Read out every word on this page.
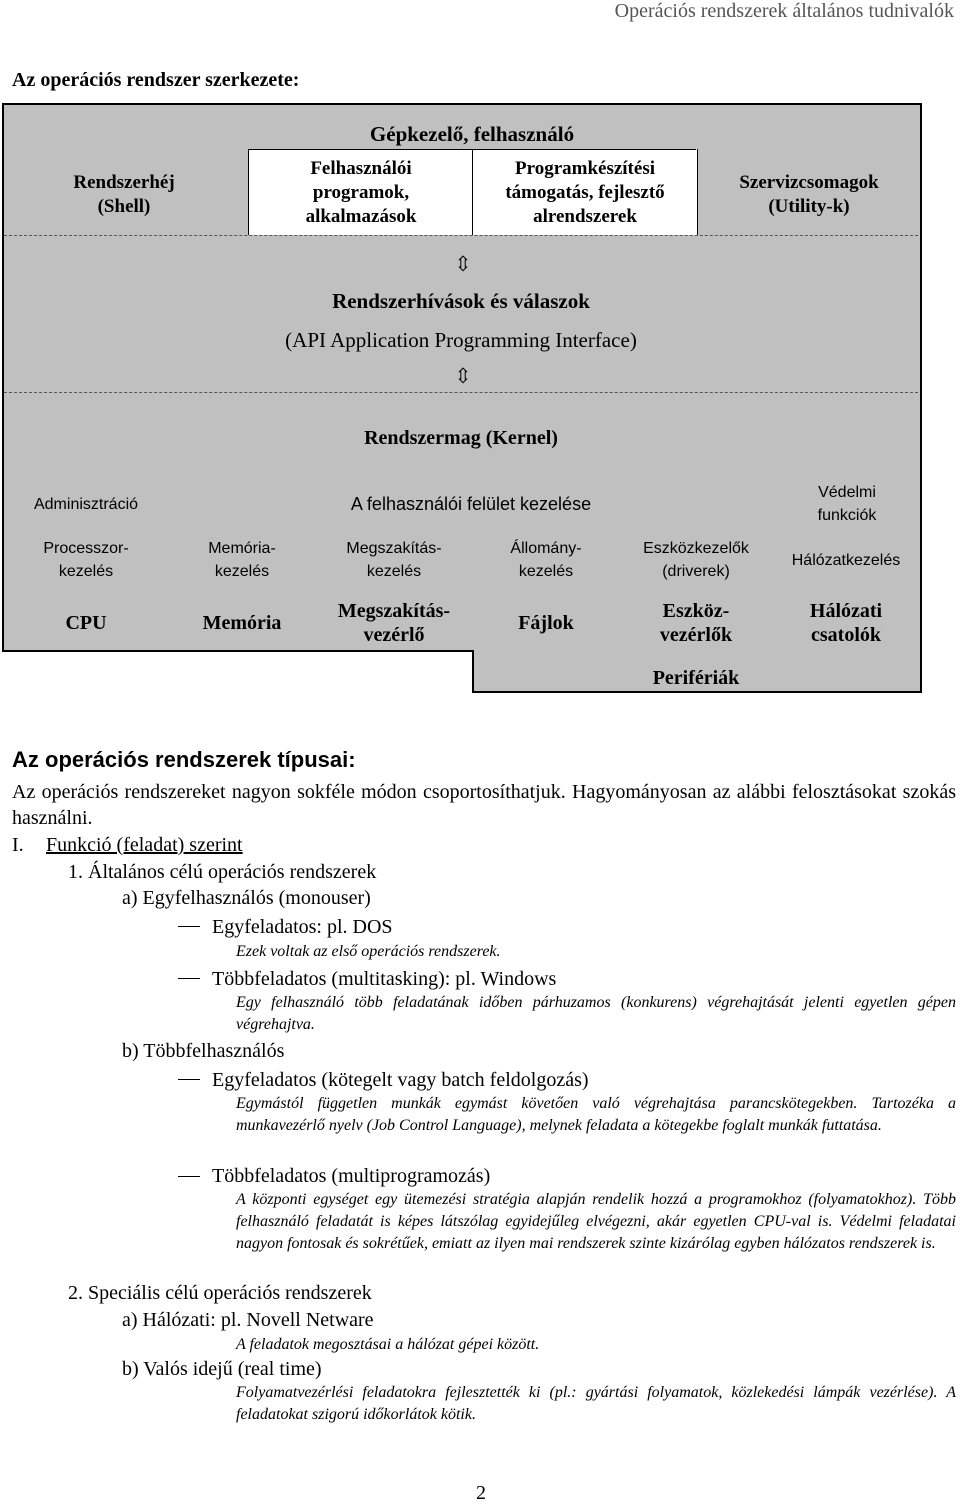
Operációs rendszerek általános tudnivalók
Az operációs rendszer szerkezete:
Gépkezelő, felhasználó
Rendszerhéj
(Shell)
Felhasználói
programok,
alkalmazások
Programkészítési
támogatás, fejlesztő
alrendszerek
Szervizcsomagok
(Utility-k)
⇳
Rendszerhívások és válaszok
(API Application Programming Interface)
⇳
Rendszermag (Kernel)
Adminisztráció	A felhasználói felület kezelése
Védelmi
funkciók
Processzor-
kezelés
Memória-
kezelés
Megszakítás-
kezelés
Állomány-
kezelés
Eszközkezelők
(driverek)
Hálózatkezelés
CPU	Memória
Megszakítás-
vezérlő
Fájlok
Eszköz-
vezérlők
Hálózati
csatolók
Perifériák
Az operációs rendszerek típusai:
Az operációs rendszereket nagyon sokféle módon csoportosíthatjuk. Hagyományosan az alábbi felosztásokat szokás használni.
I. Funkció (feladat) szerint
1. Általános célú operációs rendszerek
a) Egyfelhasználós (monouser)
Egyfeladatos: pl. DOS
Ezek voltak az első operációs rendszerek.
Többfeladatos (multitasking): pl. Windows
Egy felhasználó több feladatának időben párhuzamos (konkurens) végrehajtását jelenti egyetlen gépen végrehajtva.
b) Többfelhasználós
Egyfeladatos (kötegelt vagy batch feldolgozás)
Egymástól független munkák egymást követően való végrehajtása parancskötegekben. Tartozéka a munkavezérlő nyelv (Job Control Language), melynek feladata a kötegekbe foglalt munkák futtatása.
Többfeladatos (multiprogramozás)
A központi egységet egy ütemezési stratégia alapján rendelik hozzá a programokhoz (folyamatokhoz). Több felhasználó feladatát is képes látszólag egyidejűleg elvégezni, akár egyetlen CPU-val is. Védelmi feladatai nagyon fontosak és sokrétűek, emiatt az ilyen mai rendszerek szinte kizárólag egyben hálózatos rendszerek is.
2. Speciális célú operációs rendszerek
a) Hálózati: pl. Novell Netware
A feladatok megosztásai a hálózat gépei között.
b) Valós idejű (real time)
Folyamatvezérlési feladatokra fejlesztették ki (pl.: gyártási folyamatok, közlekedési lámpák vezérlése). A feladatokat szigorú időkorlátok kötik.
2
